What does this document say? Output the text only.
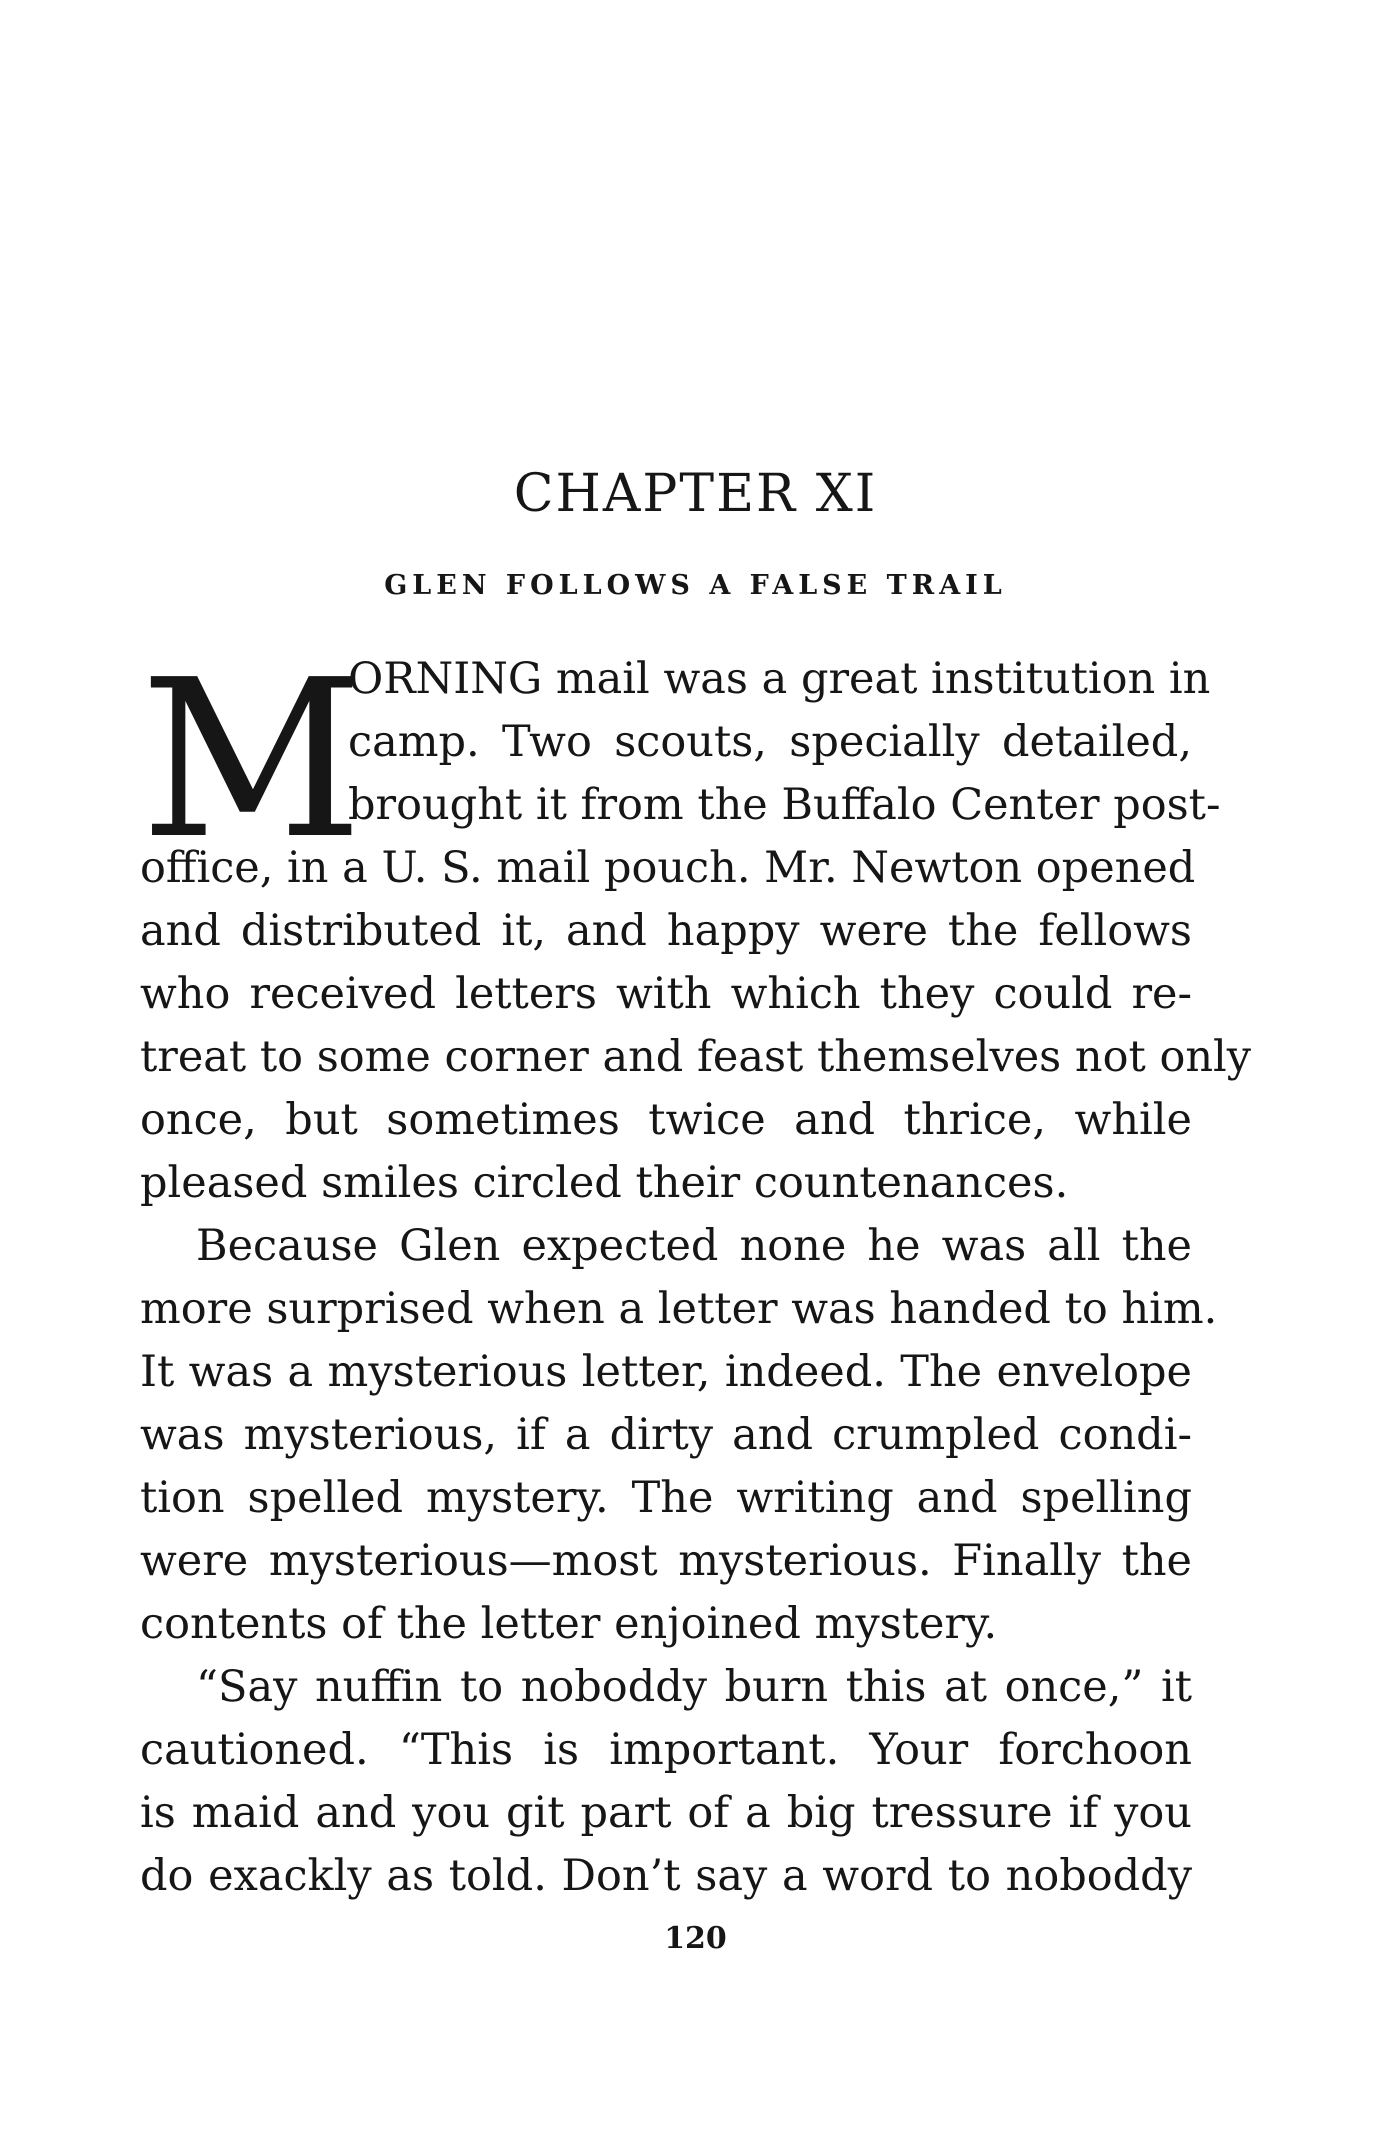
CHAPTER XI
GLEN FOLLOWS A FALSE TRAIL
M
ORNING mail was a great institution in
camp. Two scouts, specially detailed,
brought it from the Buffalo Center post-
office, in a U. S. mail pouch. Mr. Newton opened
and distributed it, and happy were the fellows
who received letters with which they could re-
treat to some corner and feast themselves not only
once, but sometimes twice and thrice, while
pleased smiles circled their countenances.
Because Glen expected none he was all the
more surprised when a letter was handed to him.
It was a mysterious letter, indeed. The envelope
was mysterious, if a dirty and crumpled condi-
tion spelled mystery. The writing and spelling
were mysterious—most mysterious. Finally the
contents of the letter enjoined mystery.
“Say nuffin to noboddy burn this at once,” it
cautioned. “This is important. Your forchoon
is maid and you git part of a big tressure if you
do exackly as told. Don’t say a word to noboddy
120
